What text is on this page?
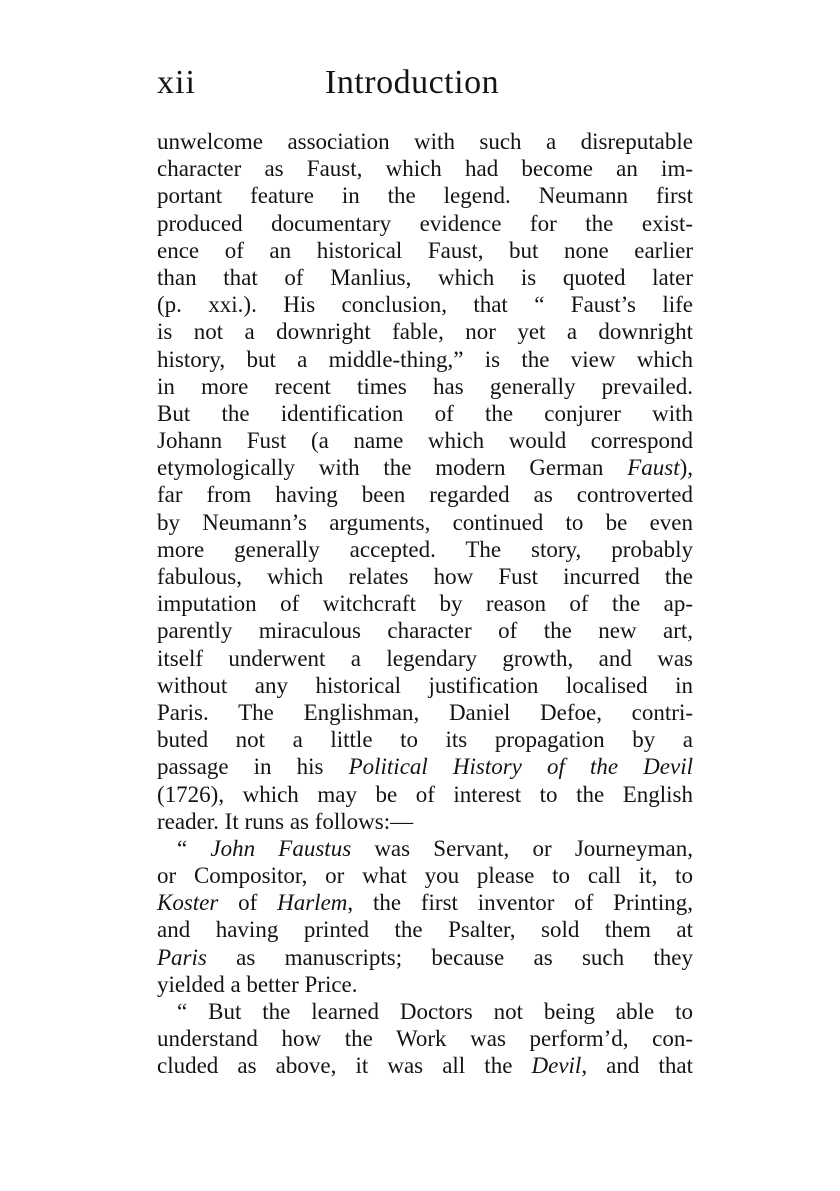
xii	Introduction
unwelcome association with such a disreputable
character as Faust, which had become an im-
portant feature in the legend. Neumann first
produced documentary evidence for the exist-
ence of an historical Faust, but none earlier
than that of Manlius, which is quoted later
(p. xxi.). His conclusion, that “ Faust’s life
is not a downright fable, nor yet a downright
history, but a middle-thing,” is the view which
in more recent times has generally prevailed.
But the identification of the conjurer with
Johann Fust (a name which would correspond
etymologically with the modern German Faust),
far from having been regarded as controverted
by Neumann’s arguments, continued to be even
more generally accepted. The story, probably
fabulous, which relates how Fust incurred the
imputation of witchcraft by reason of the ap-
parently miraculous character of the new art,
itself underwent a legendary growth, and was
without any historical justification localised in
Paris. The Englishman, Daniel Defoe, contri-
buted not a little to its propagation by a
passage in his Political History of the Devil
(1726), which may be of interest to the English
reader. It runs as follows:—
“ John Faustus was Servant, or Journeyman,
or Compositor, or what you please to call it, to
Koster of Harlem, the first inventor of Printing,
and having printed the Psalter, sold them at
Paris as manuscripts; because as such they
yielded a better Price.
“ But the learned Doctors not being able to
understand how the Work was perform’d, con-
cluded as above, it was all the Devil, and that
